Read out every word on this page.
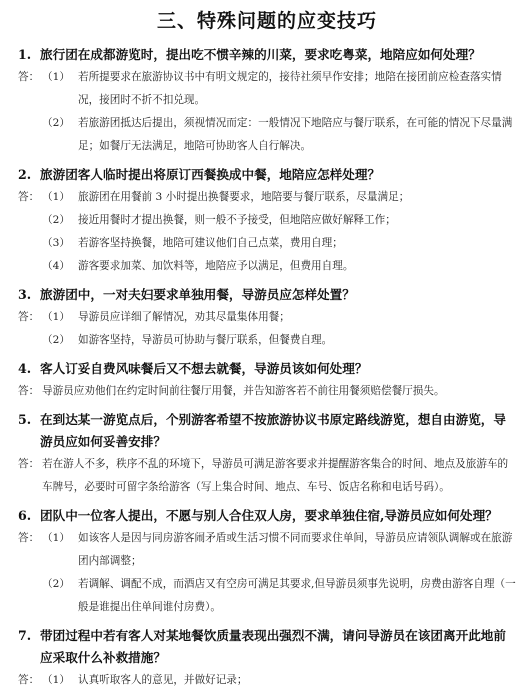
三、特殊问题的应变技巧
1. 旅行团在成都游览时，提出吃不惯辛辣的川菜，要求吃粤菜，地陪应如何处理？
答： （1） 若所提要求在旅游协议书中有明文规定的，接待社须早作安排；地陪在接团前应检查落实情况，接团时不折不扣兑现。
（2） 若旅游团抵达后提出，须视情况而定：一般情况下地陪应与餐厅联系，在可能的情况下尽量满足；如餐厅无法满足，地陪可协助客人自行解决。
2. 旅游团客人临时提出将原订西餐换成中餐，地陪应怎样处理？
答： （1） 旅游团在用餐前 3 小时提出换餐要求，地陪要与餐厅联系，尽量满足；
（2） 接近用餐时才提出换餐，则一般不予接受，但地陪应做好解释工作；
（3） 若游客坚持换餐，地陪可建议他们自己点菜，费用自理；
（4） 游客要求加菜、加饮料等，地陪应予以满足，但费用自理。
3. 旅游团中，一对夫妇要求单独用餐，导游员应怎样处置？
答： （1） 导游员应详细了解情况，劝其尽量集体用餐；
（2） 如游客坚持，导游员可协助与餐厅联系，但餐费自理。
4. 客人订妥自费风味餐后又不想去就餐，导游员该如何处理？
答： 导游员应劝他们在约定时间前往餐厅用餐，并告知游客若不前往用餐须赔偿餐厅损失。
5. 在到达某一游览点后，个别游客希望不按旅游协议书原定路线游览，想自由游览，导游员应如何妥善安排？
答： 若在游人不多，秩序不乱的环境下，导游员可满足游客要求并提醒游客集合的时间、地点及旅游车的车牌号，必要时可留字条给游客（写上集合时间、地点、车号、饭店名称和电话号码）。
6. 团队中一位客人提出，不愿与别人合住双人房，要求单独住宿,导游员应如何处理？
答： （1） 如该客人是因与同房游客闹矛盾或生活习惯不同而要求住单间，导游员应请领队调解或在旅游团内部调整；
（2） 若调解、调配不成，而酒店又有空房可满足其要求,但导游员须事先说明，房费由游客自理（一般是谁提出住单间谁付房费）。
7. 带团过程中若有客人对某地餐饮质量表现出强烈不满，请问导游员在该团离开此地前应采取什么补救措施？
答： （1） 认真听取客人的意见，并做好记录；
